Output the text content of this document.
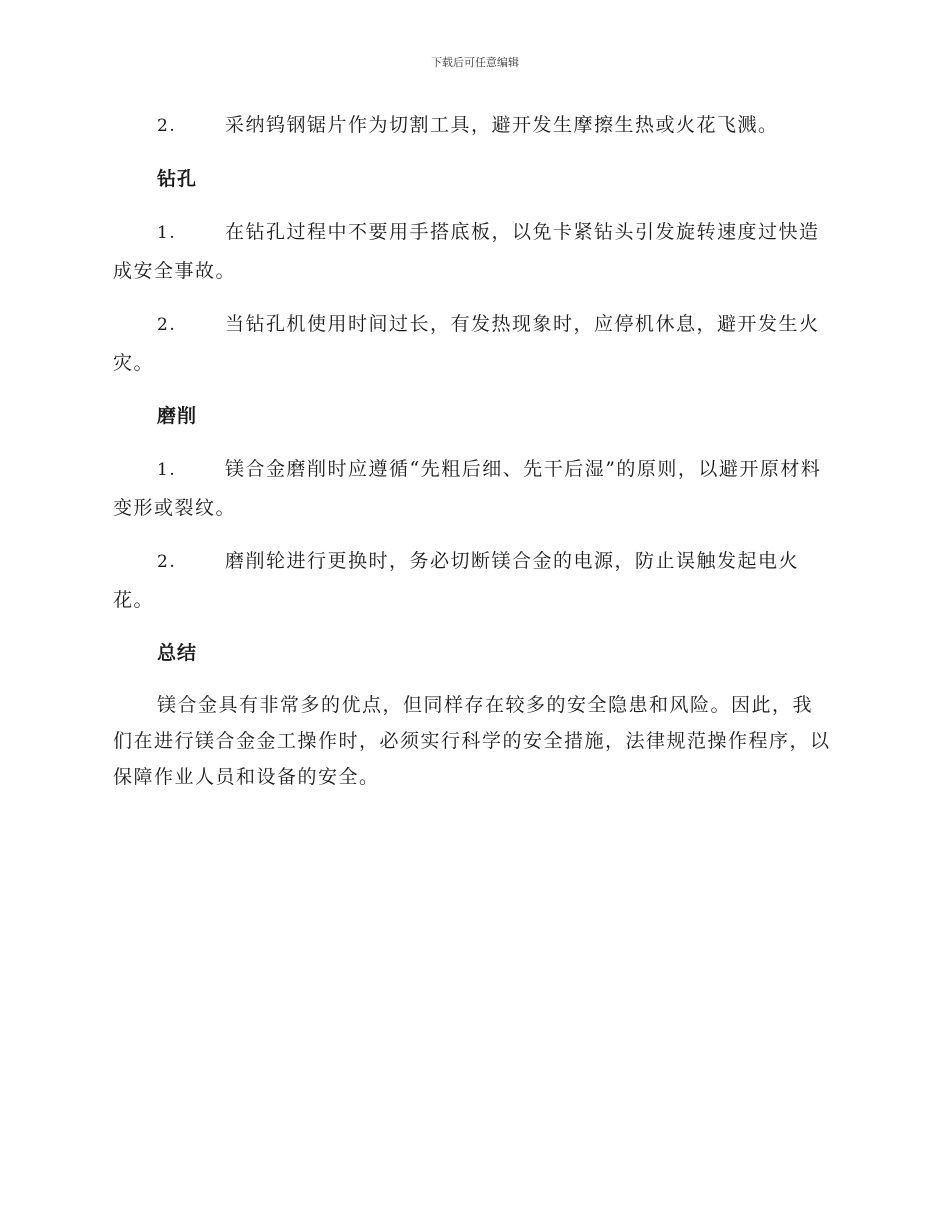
下载后可任意编辑
2.	采纳钨钢锯片作为切割工具，避开发生摩擦生热或火花飞溅。
钻孔
1.	在钻孔过程中不要用手搭底板，以免卡紧钻头引发旋转速度过快造成安全事故。
2.	当钻孔机使用时间过长，有发热现象时，应停机休息，避开发生火灾。
磨削
1.	镁合金磨削时应遵循“先粗后细、先干后湿”的原则，以避开原材料变形或裂纹。
2.	磨削轮进行更换时，务必切断镁合金的电源，防止误触发起电火花。
总结
镁合金具有非常多的优点，但同样存在较多的安全隐患和风险。因此，我们在进行镁合金金工操作时，必须实行科学的安全措施，法律规范操作程序，以保障作业人员和设备的安全。
